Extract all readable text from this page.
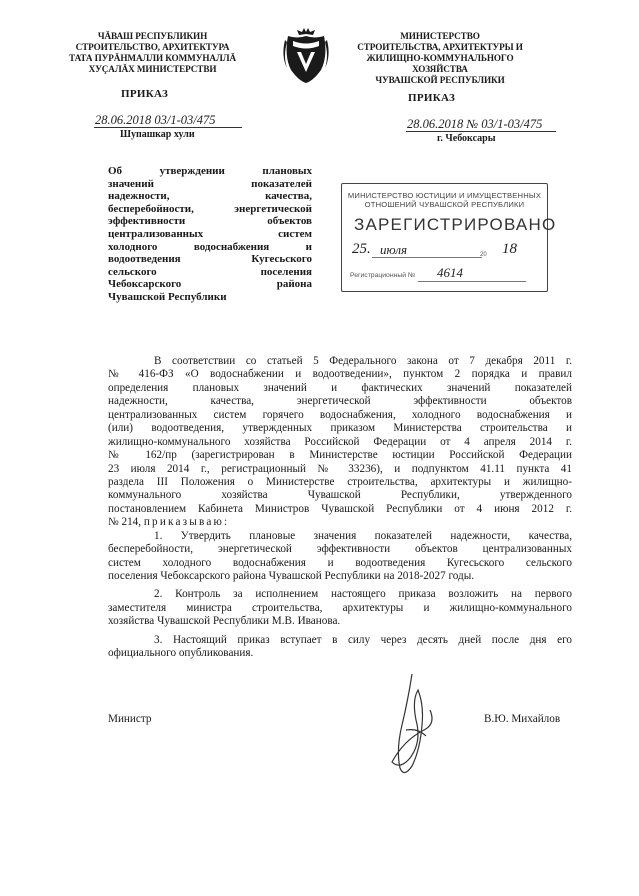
ЧĂВАШ РЕСПУБЛИКИН
СТРОИТЕЛЬСТВО, АРХИТЕКТУРА
ТАТА ПУРĂНМАЛЛИ КОММУНАЛЛĂ
ХУÇАЛĂХ МИНИСТЕРСТВИ
МИНИСТЕРСТВО
СТРОИТЕЛЬСТВА, АРХИТЕКТУРЫ И
ЖИЛИЩНО-КОММУНАЛЬНОГО ХОЗЯЙСТВА
ЧУВАШСКОЙ РЕСПУБЛИКИ
ПРИКАЗ	ПРИКАЗ
28.06.2018 03/1-03/475	28.06.2018 № 03/1-03/475
Шупашкар хули	г. Чебоксары
Об утверждении плановых
значений показателей
надежности, качества,
бесперебойности, энергетической
эффективности объектов
централизованных систем
холодного водоснабжения и
водоотведения Кугесьского
сельского поселения
Чебоксарского района
Чувашской Республики
МИНИСТЕРСТВО ЮСТИЦИИ И ИМУЩЕСТВЕННЫХ
ОТНОШЕНИЙ ЧУВАШСКОЙ РЕСПУБЛИКИ
ЗАРЕГИСТРИРОВАНО
25. июля	20 18
Регистрационный № 4614
В соответствии со статьей 5 Федерального закона от 7 декабря 2011 г.
№ 416-ФЗ «О водоснабжении и водоотведении», пунктом 2 порядка и правил
определения плановых значений и фактических значений показателей
надежности, качества, энергетической эффективности объектов
централизованных систем горячего водоснабжения, холодного водоснабжения и
(или) водоотведения, утвержденных приказом Министерства строительства и
жилищно-коммунального хозяйства Российской Федерации от 4 апреля 2014 г.
№ 162/пр (зарегистрирован в Министерстве юстиции Российской Федерации
23 июля 2014 г., регистрационный № 33236), и подпунктом 41.11 пункта 41
раздела III Положения о Министерстве строительства, архитектуры и жилищно-
коммунального хозяйства Чувашской Республики, утвержденного
постановлением Кабинета Министров Чувашской Республики от 4 июня 2012 г.
№ 214, приказываю:
1. Утвердить плановые значения показателей надежности, качества,
бесперебойности, энергетической эффективности объектов централизованных
систем холодного водоснабжения и водоотведения Кугесьского сельского
поселения Чебоксарского района Чувашской Республики на 2018-2027 годы.
2. Контроль за исполнением настоящего приказа возложить на первого
заместителя министра строительства, архитектуры и жилищно-коммунального
хозяйства Чувашской Республики М.В. Иванова.
3. Настоящий приказ вступает в силу через десять дней после дня его
официального опубликования.
Министр	В.Ю. Михайлов
